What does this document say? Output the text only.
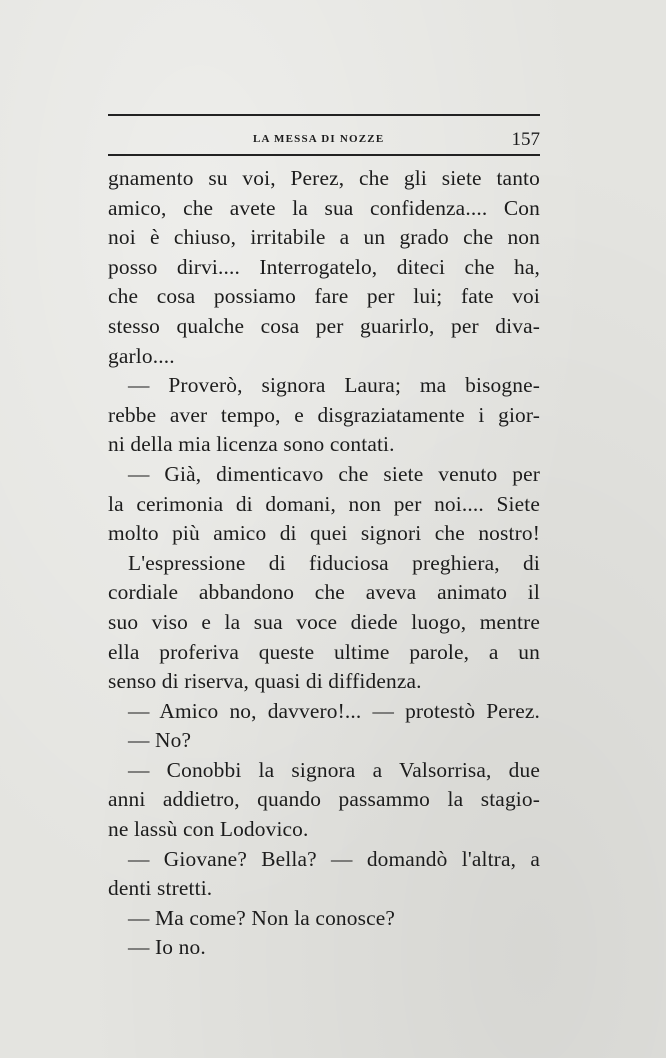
LA MESSA DI NOZZE	157
gnamento su voi, Perez, che gli siete tanto
amico, che avete la sua confidenza.... Con
noi è chiuso, irritabile a un grado che non
posso dirvi.... Interrogatelo, diteci che ha,
che cosa possiamo fare per lui; fate voi
stesso qualche cosa per guarirlo, per diva-
garlo....
— Proverò, signora Laura; ma bisogne-
rebbe aver tempo, e disgraziatamente i gior-
ni della mia licenza sono contati.
— Già, dimenticavo che siete venuto per
la cerimonia di domani, non per noi.... Siete
molto più amico di quei signori che nostro!
L'espressione di fiduciosa preghiera, di
cordiale abbandono che aveva animato il
suo viso e la sua voce diede luogo, mentre
ella proferiva queste ultime parole, a un
senso di riserva, quasi di diffidenza.
— Amico no, davvero!... — protestò Perez.
— No?
— Conobbi la signora a Valsorrisa, due
anni addietro, quando passammo la stagio-
ne lassù con Lodovico.
— Giovane? Bella? — domandò l'altra, a
denti stretti.
— Ma come? Non la conosce?
— Io no.
